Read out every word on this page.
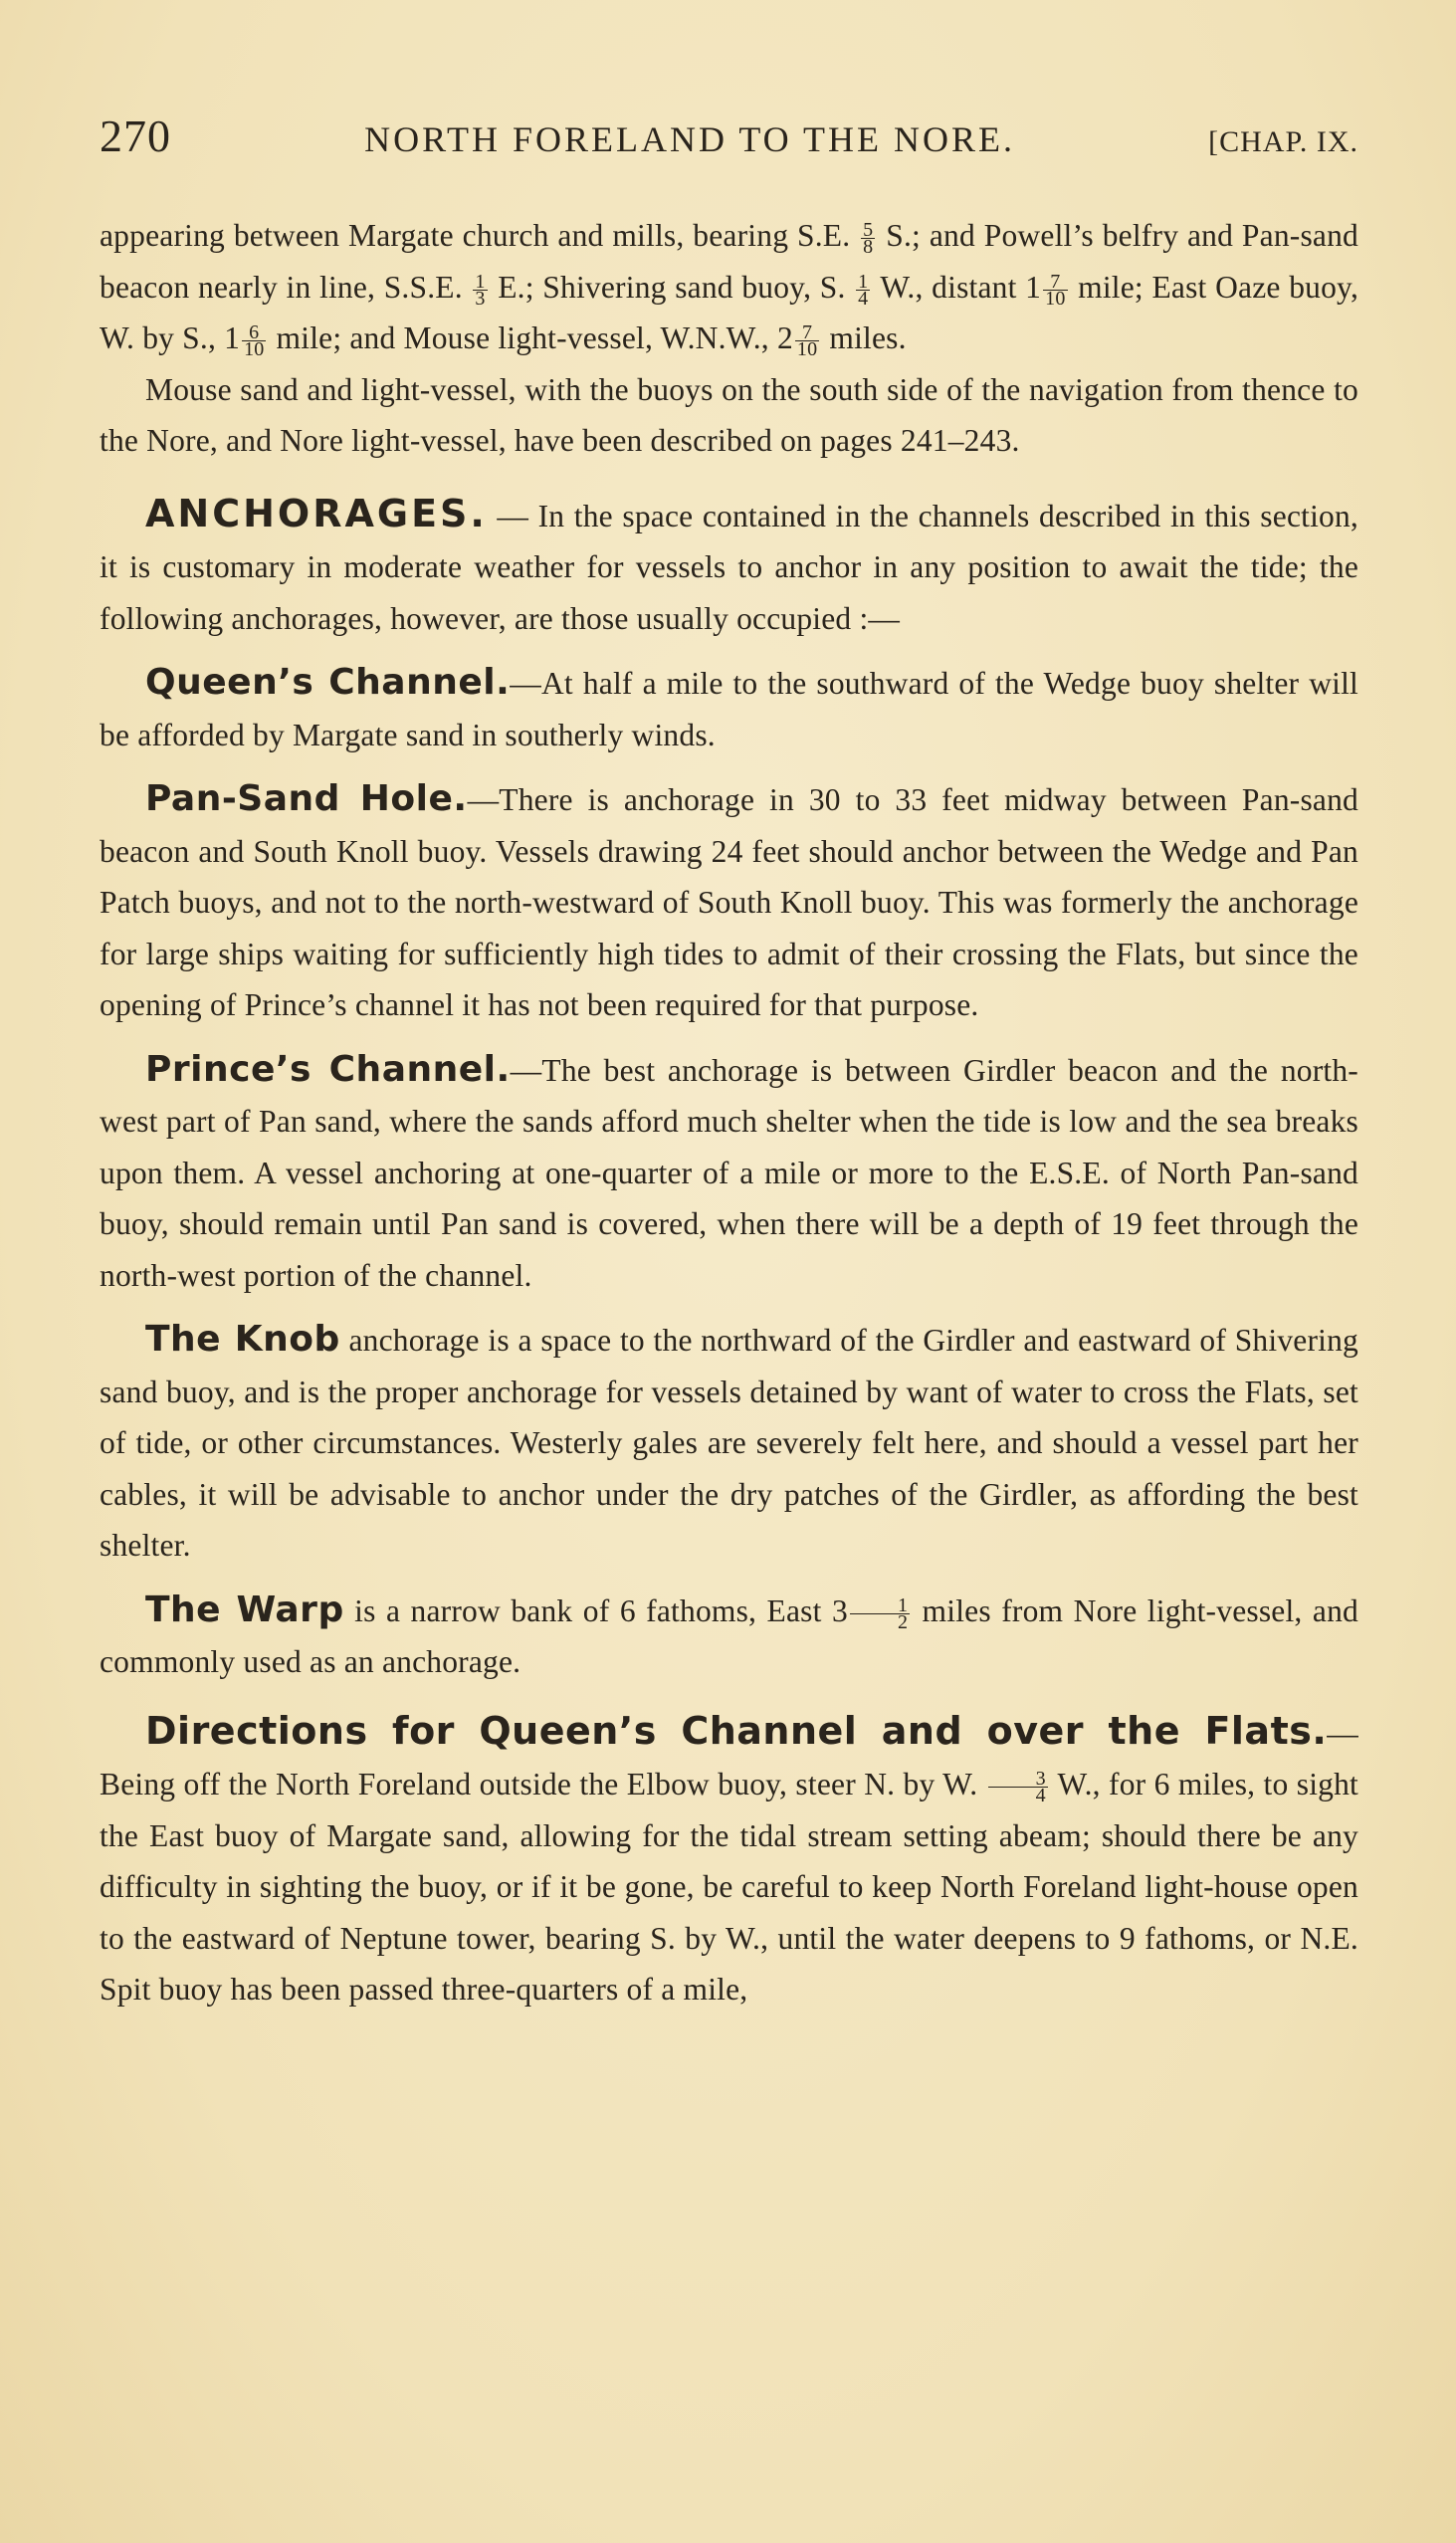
270	NORTH FORELAND TO THE NORE.	[CHAP. IX.

appearing between Margate church and mills, bearing S.E. $\frac{5}{8} S$.; and Powell’s belfry and Pan-sand beacon nearly in line, S.S.E. $\frac{1}{3} E$.; Shivering sand buoy, S. $\frac{1}{4} W$., distant $1 \frac{7}{10}$ mile; East Oaze buoy, W. by S., $1 \frac{6}{10}$ mile; and Mouse light-vessel, W.N.W., $2 \frac{7}{10}$ miles.

Mouse sand and light-vessel, with the buoys on the south side of the navigation from thence to the Nore, and Nore light-vessel, have been described on pages 241–243.

ANCHORAGES. — In the space contained in the channels described in this section, it is customary in moderate weather for vessels to anchor in any position to await the tide; the following anchorages, however, are those usually occupied :—

Queen’s Channel.—At half a mile to the southward of the Wedge buoy shelter will be afforded by Margate sand in southerly winds.

Pan-Sand Hole.—There is anchorage in 30 to 33 feet midway between Pan-sand beacon and South Knoll buoy. Vessels drawing 24 feet should anchor between the Wedge and Pan Patch buoys, and not to the north-westward of South Knoll buoy. This was formerly the anchorage for large ships waiting for sufficiently high tides to admit of their crossing the Flats, but since the opening of Prince’s channel it has not been required for that purpose.

Prince’s Channel.—The best anchorage is between Girdler beacon and the north-west part of Pan sand, where the sands afford much shelter when the tide is low and the sea breaks upon them. A vessel anchoring at one-quarter of a mile or more to the E.S.E. of North Pan-sand buoy, should remain until Pan sand is covered, when there will be a depth of 19 feet through the north-west portion of the channel.

The Knob anchorage is a space to the northward of the Girdler and eastward of Shivering sand buoy, and is the proper anchorage for vessels detained by want of water to cross the Flats, set of tide, or other circumstances. Westerly gales are severely felt here, and should a vessel part her cables, it will be advisable to anchor under the dry patches of the Girdler, as affording the best shelter.

The Warp is a narrow bank of 6 fathoms, East $3 \frac{1}{2}$ miles from Nore light-vessel, and commonly used as an anchorage.

Directions for Queen’s Channel and over the Flats.— Being off the North Foreland outside the Elbow buoy, steer N. by W. $\frac{3}{4} W$., for 6 miles, to sight the East buoy of Margate sand, allowing for the tidal stream setting abeam; should there be any difficulty in sighting the buoy, or if it be gone, be careful to keep North Foreland light-house open to the eastward of Neptune tower, bearing S. by W., until the water deepens to 9 fathoms, or N.E. Spit buoy has been passed three-quarters of a mile,
